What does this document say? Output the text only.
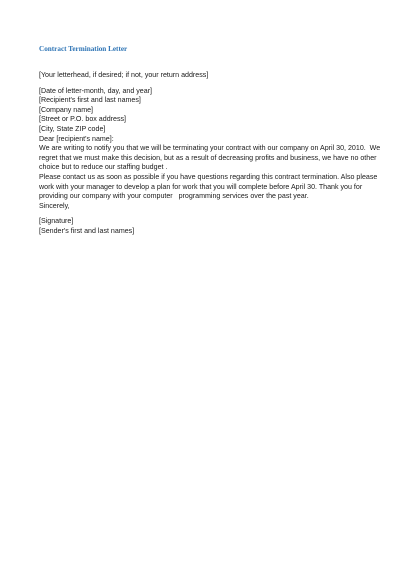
Contract Termination Letter
[Your letterhead, if desired; if not, your return address]
[Date of letter-month, day, and year]
[Recipient's first and last names]
[Company name]
[Street or P.O. box address]
[City, State ZIP code]
Dear [recipient's name]:
We are writing to notify you that we will be terminating your contract with our company on April 30, 2010.  We
regret that we must make this decision, but as a result of decreasing profits and business, we have no other
choice but to reduce our staffing budget .
Please contact us as soon as possible if you have questions regarding this contract termination. Also please
work with your manager to develop a plan for work that you will complete before April 30. Thank you for
providing our company with your computer   programming services over the past year.
Sincerely,
[Signature]
[Sender's first and last names]
